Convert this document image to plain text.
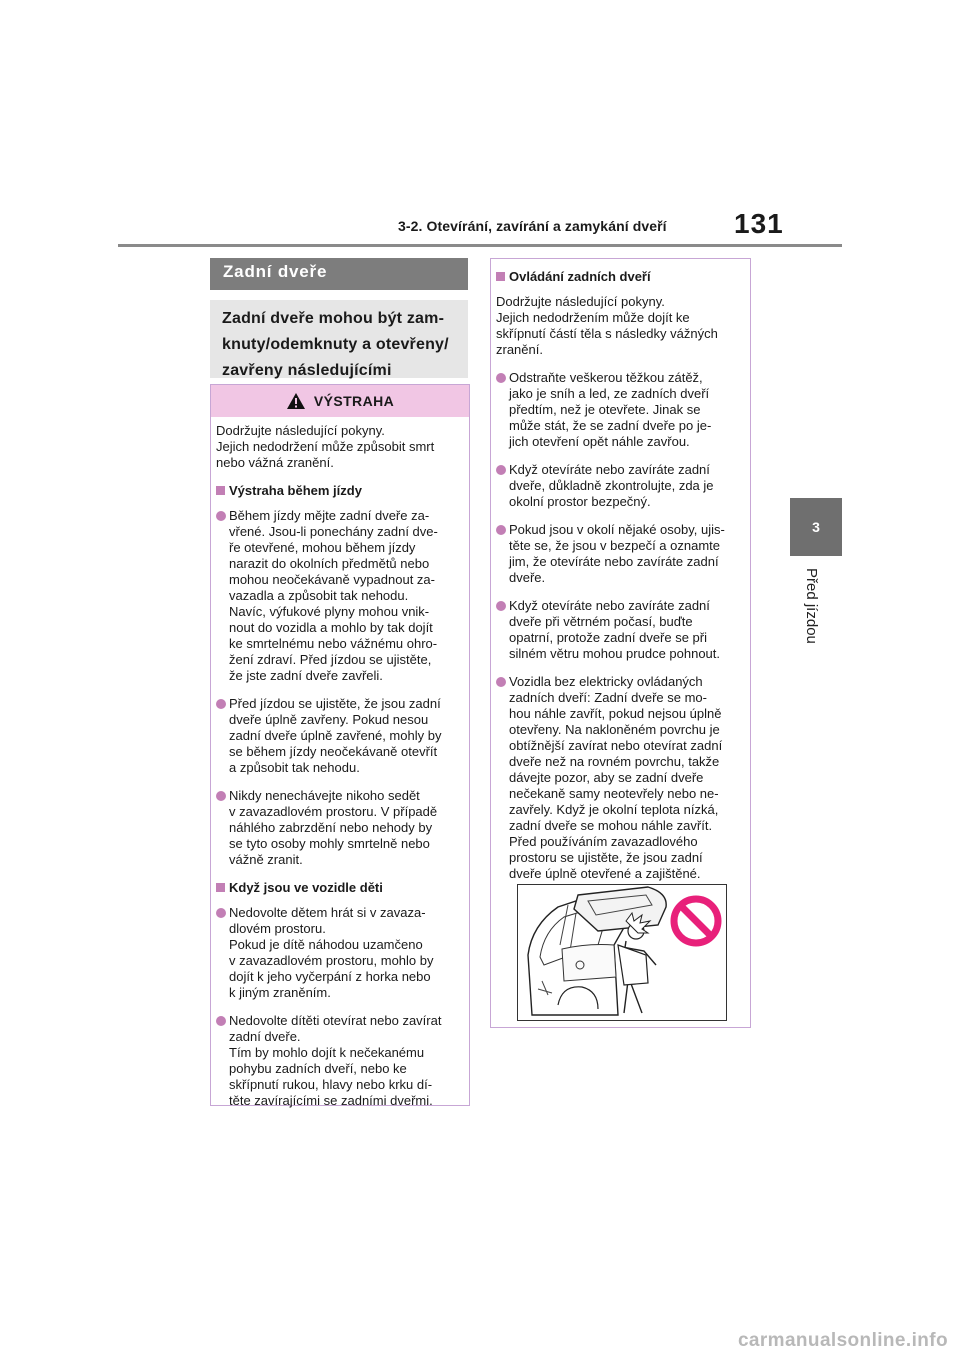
3-2. Otevírání, zavírání a zamykání dveří 131
3
Před jízdou
Zadní dveře
Zadní dveře mohou být zam-
knuty/odemknuty a otevřeny/
zavřeny následujícími
VÝSTRAHA
Dodržujte následující pokyny.
Jejich nedodržení může způsobit smrt nebo vážná zranění.
Výstraha během jízdy
Během jízdy mějte zadní dveře za-
vřené. Jsou-li ponechány zadní dve-
ře otevřené, mohou během jízdy
narazit do okolních předmětů nebo
mohou neočekávaně vypadnout za-
vazadla a způsobit tak nehodu.
Navíc, výfukové plyny mohou vnik-
nout do vozidla a mohlo by tak dojít
ke smrtelnému nebo vážnému ohro-
žení zdraví. Před jízdou se ujistěte,
že jste zadní dveře zavřeli.
Před jízdou se ujistěte, že jsou zadní
dveře úplně zavřeny. Pokud nesou
zadní dveře úplně zavřené, mohly by
se během jízdy neočekávaně otevřít
a způsobit tak nehodu.
Nikdy nenechávejte nikoho sedět
v zavazadlovém prostoru. V případě
náhlého zabrzdění nebo nehody by
se tyto osoby mohly smrtelně nebo
vážně zranit.
Když jsou ve vozidle děti
Nedovolte dětem hrát si v zavaza-
dlovém prostoru.
Pokud je dítě náhodou uzamčeno
v zavazadlovém prostoru, mohlo by
dojít k jeho vyčerpání z horka nebo
k jiným zraněním.
Nedovolte dítěti otevírat nebo zavírat
zadní dveře.
Tím by mohlo dojít k nečekanému
pohybu zadních dveří, nebo ke
skřípnutí rukou, hlavy nebo krku dí-
těte zavírajícími se zadními dveřmi.
Ovládání zadních dveří
Dodržujte následující pokyny.
Jejich nedodržením může dojít ke
skřípnutí částí těla s následky vážných
zranění.
Odstraňte veškerou těžkou zátěž,
jako je sníh a led, ze zadních dveří
předtím, než je otevřete. Jinak se
může stát, že se zadní dveře po je-
jich otevření opět náhle zavřou.
Když otevíráte nebo zavíráte zadní
dveře, důkladně zkontrolujte, zda je
okolní prostor bezpečný.
Pokud jsou v okolí nějaké osoby, ujis-
těte se, že jsou v bezpečí a oznamte
jim, že otevíráte nebo zavíráte zadní
dveře.
Když otevíráte nebo zavíráte zadní
dveře při větrném počasí, buďte
opatrní, protože zadní dveře se při
silném větru mohou prudce pohnout.
Vozidla bez elektricky ovládaných
zadních dveří: Zadní dveře se mo-
hou náhle zavřít, pokud nejsou úplně
otevřeny. Na nakloněném povrchu je
obtížnější zavírat nebo otevírat zadní
dveře než na rovném povrchu, takže
dávejte pozor, aby se zadní dveře
nečekaně samy neotevřely nebo ne-
zavřely. Když je okolní teplota nízká,
zadní dveře se mohou náhle zavřít.
Před používáním zavazadlového
prostoru se ujistěte, že jsou zadní
dveře úplně otevřené a zajištěné.
carmanualsonline.info
